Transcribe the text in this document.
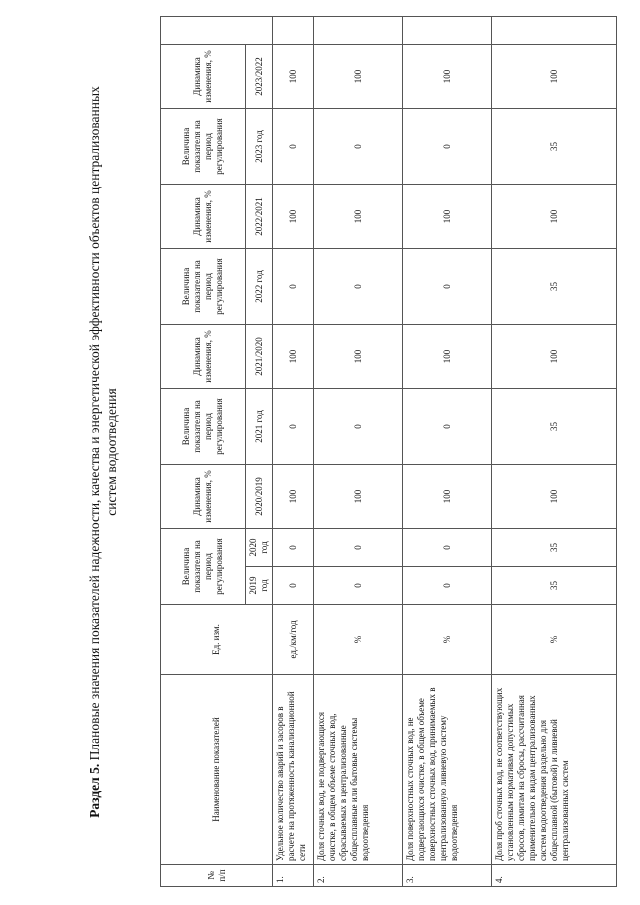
Раздел 5. Плановые значения показателей надежности, качества и энергетической эффективности объектов централизованных систем водоотведения
№ п/п	Наименование показателей	Ед. изм.	Величина показателя на период регулирования		Динамика изменения, %	Величина показателя на период регулирования	Динамика изменения, %	Величина показателя на период регулирования	Динамика изменения, %	Величина показателя на период регулирования	Динамика изменения, %	
			2019 год	2020 год	2020/2019	2021 год	2021/2020	2022 год	2022/2021	2023 год	2023/2022	
1.	Удельное количество аварий и засоров в расчете на протяженность канализационной сети	ед./км/год	0	0	100	0	100	0	100	0	100	
2.	Доля сточных вод, не подвергающихся очистке, в общем объеме сточных вод, сбрасываемых в централизованные общесплавные или бытовые системы водоотведения	%	0	0	100	0	100	0	100	0	100	
3.	Доля поверхностных сточных вод, не подвергающихся очистке, в общем объеме поверхностных сточных вод, принимаемых в централизованную ливневую систему водоотведения	%	0	0	100	0	100	0	100	0	100	
4.	Доля проб сточных вод, не соответствующих установленным нормативам допустимых сбросов, лимитам на сбросы, рассчитанная применительно к видам централизованных систем водоотведения раздельно для общесплавной (бытовой) и ливневой централизованных систем	%	35	35	100	35	100	35	100	35	100	
